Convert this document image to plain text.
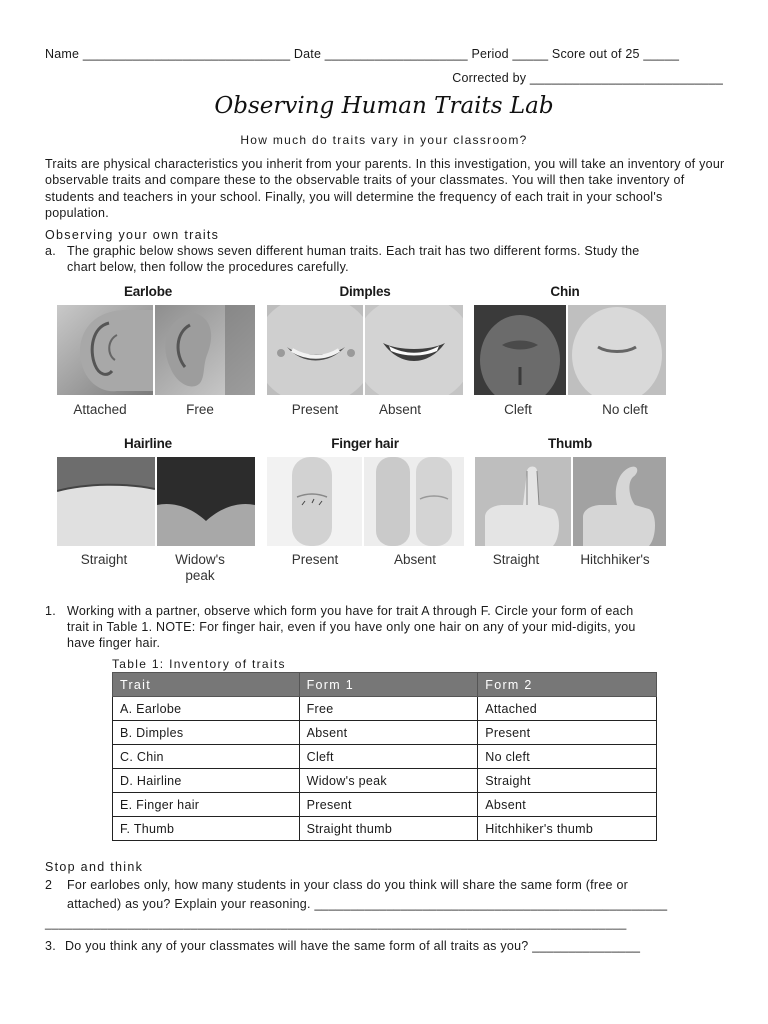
Name _____________________________ Date ____________________ Period _____ Score out of 25 _____
Corrected by ___________________________
Observing Human Traits Lab
How much do traits vary in your classroom?
Traits are physical characteristics you inherit from your parents. In this investigation, you will take an inventory of your observable traits and compare these to the observable traits of your classmates. You will then take inventory of students and teachers in your school. Finally, you will determine the frequency of each trait in your school's population.
Observing your own traits
a. The graphic below shows seven different human traits. Each trait has two different forms. Study the
chart below, then follow the procedures carefully.
Earlobe
Attached	Free
Dimples
Present	Absent
Chin
Cleft	No cleft
Hairline
Straight	Widow's
peak
Finger hair
Present	Absent
Thumb
Straight	Hitchhiker's
1. Working with a partner, observe which form you have for trait A through F. Circle your form of each
trait in Table 1. NOTE: For finger hair, even if you have only one hair on any of your mid-digits, you
have finger hair.
Table 1: Inventory of traits
Trait	Form 1	Form 2
A. Earlobe	Free	Attached
B. Dimples	Absent	Present
C. Chin	Cleft	No cleft
D. Hairline	Widow's peak	Straight
E. Finger hair	Present	Absent
F. Thumb	Straight thumb	Hitchhiker's thumb
Stop and think
2 For earlobes only, how many students in your class do you think will share the same form (free or
attached) as you? Explain your reasoning. _________________________________________________
____________________________________________________________________________________
3. Do you think any of your classmates will have the same form of all traits as you? _______________
